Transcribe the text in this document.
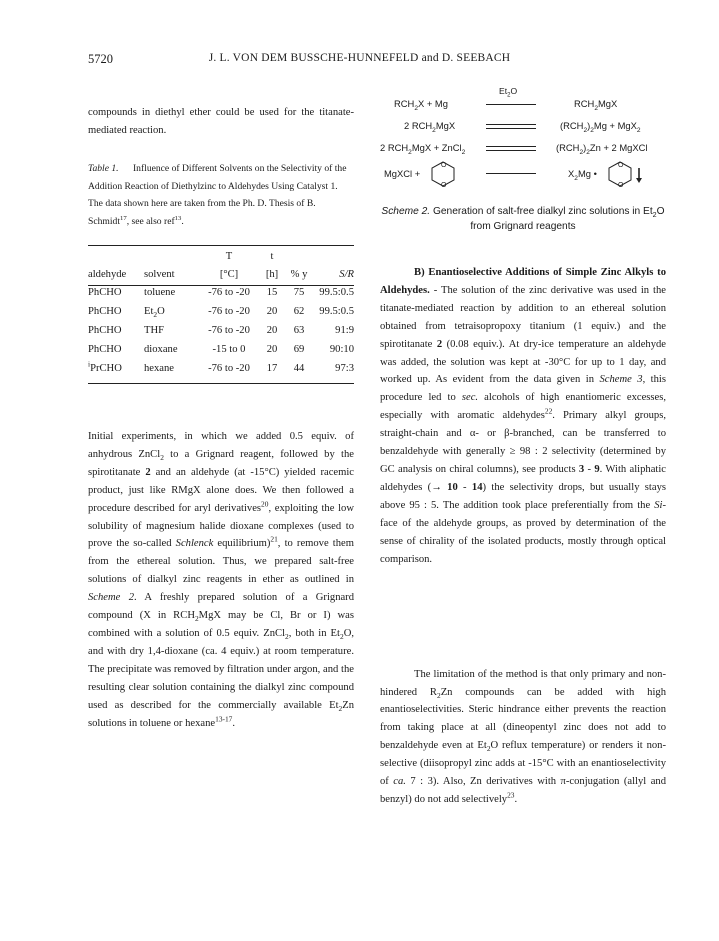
5720	J. L. VON DEM BUSSCHE-HUNNEFELD and D. SEEBACH
compounds in diethyl ether could be used for the titanate-mediated reaction.
Table 1. Influence of Different Solvents on the Selectivity of the Addition Reaction of Diethylzinc to Aldehydes Using Catalyst 1. The data shown here are taken from the Ph. D. Thesis of B. Schmidt$^{17}$, see also ref$^{13}$.
		T	t		
aldehyde	solvent	[°C]	[h]	% y	S/R
PhCHO	toluene	-76 to -20	15	75	99.5:0.5
PhCHO	$Et_2O$	-76 to -20	20	62	99.5:0.5
PhCHO	THF	-76 to -20	20	63	91:9
PhCHO	dioxane	-15 to 0	20	69	90:10
$^i$PrCHO	hexane	-76 to -20	17	44	97:3

Initial experiments, in which we added 0.5 equiv. of anhydrous ZnCl$_2$ to a Grignard reagent, followed by the spirotitanate 2 and an aldehyde (at -15°C) yielded racemic product, just like RMgX alone does. We then followed a procedure described for aryl derivatives$^{20}$, exploiting the low solubility of magnesium halide dioxane complexes (used to prove the so-called Schlenck equilibrium)$^{21}$, to remove them from the ethereal solution. Thus, we prepared salt-free solutions of dialkyl zinc reagents in ether as outlined in Scheme 2. A freshly prepared solution of a Grignard compound (X in $RCH_2MgX$ may be Cl, Br or I) was combined with a solution of 0.5 equiv. ZnCl$_2$, both in $Et_2O$, and with dry 1,4-dioxane (ca. 4 equiv.) at room temperature. The precipitate was removed by filtration under argon, and the resulting clear solution containing the dialkyl zinc compound used as described for the commercially available $Et_2Zn$ solutions in toluene or hexane$^{13-17}$.

$RCH_2X + Mg$
$Et_2O$
$RCH_2MgX$
2 $RCH_2MgX$	$(RCH_2)_2Mg + MgX_2$
2 $RCH_2MgX$ + ZnCl$_2$	$(RCH_2)_2Zn + 2$ MgXCl
MgXCl +
O
O
$X_2Mg$ •
O
O
Scheme 2. Generation of salt-free dialkyl zinc solutions in $Et_2O$ from Grignard reagents

B) Enantioselective Additions of Simple Zinc Alkyls to Aldehydes. - The solution of the zinc derivative was used in the titanate-mediated reaction by addition to an ethereal solution obtained from tetraisopropoxy titanium (1 equiv.) and the spirotitanate 2 (0.08 equiv.). At dry-ice temperature an aldehyde was added, the solution was kept at -30°C for up to 1 day, and worked up. As evident from the data given in Scheme 3, this procedure led to sec. alcohols of high enantiomeric excesses, especially with aromatic aldehydes$^{22}$. Primary alkyl groups, straight-chain and α- or β-branched, can be transferred to benzaldehyde with generally ≥ 98 : 2 selectivity (determined by GC analysis on chiral columns), see products 3 - 9. With aliphatic aldehydes (→ 10 - 14) the selectivity drops, but usually stays above 95 : 5. The addition took place preferentially from the Si-face of the aldehyde groups, as proved by determination of the sense of chirality of the isolated products, mostly through optical comparison.

The limitation of the method is that only primary and non-hindered $R_2Zn$ compounds can be added with high enantioselectivities. Steric hindrance either prevents the reaction from taking place at all (dineopentyl zinc does not add to benzaldehyde even at $Et_2O$ reflux temperature) or renders it non-selective (diisopropyl zinc adds at -15°C with an enantioselectivity of ca. 7 : 3). Also, Zn derivatives with π-conjugation (allyl and benzyl) do not add selectively$^{23}$.
